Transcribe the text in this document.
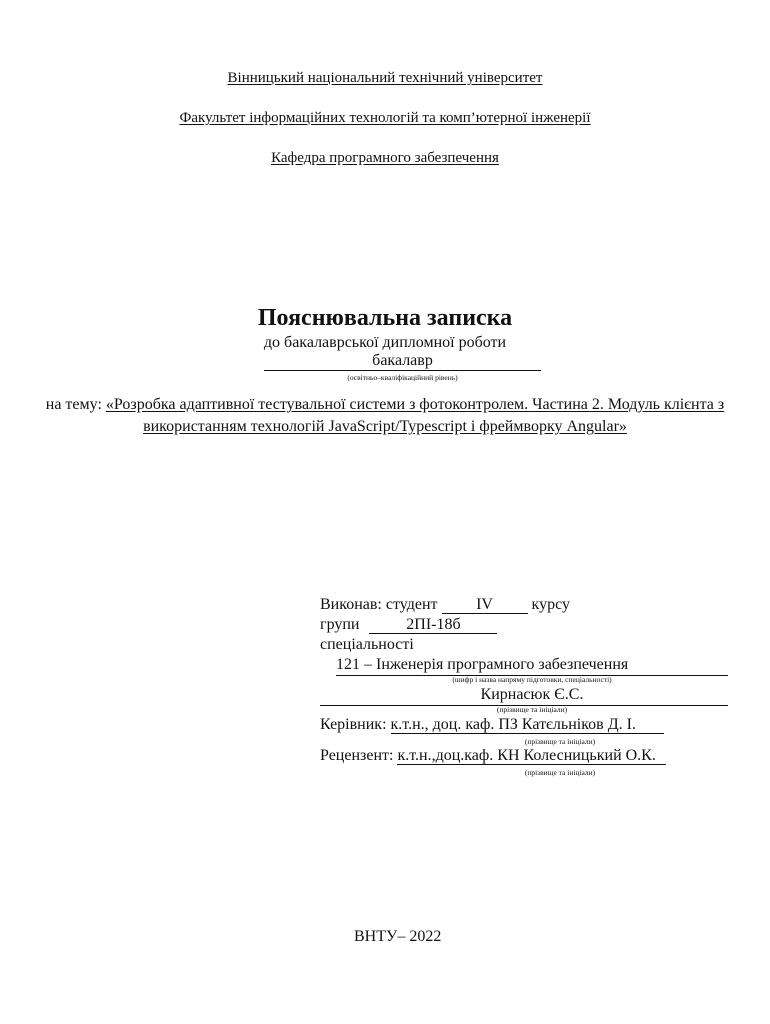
Вінницький національний технічний університет
Факультет інформаційних технологій та комп’ютерної інженерії
Кафедра програмного забезпечення
Пояснювальна записка
до бакалаврської дипломної роботи
бакалавр
(освітньо–кваліфікаційний рівень)
на тему: «Розробка адаптивної тестувальної системи з фотоконтролем. Частина 2. Модуль клієнта з використанням технологій JavaScript/Typescript і фреймворку Angular»
Виконав: студент IV курсу
групи	2ПІ-18б
спеціальності
121 – Інженерія програмного забезпечення
(шифр і назва напряму підготовки, спеціальності)
Кирнасюк Є.С.
(прізвище та ініціали)
Керівник: к.т.н., доц. каф. ПЗ Катєльніков Д. І.
(прізвище та ініціали)
Рецензент: к.т.н.,доц.каф. КН Колесницький О.К.
(прізвище та ініціали)
ВНТУ– 2022
